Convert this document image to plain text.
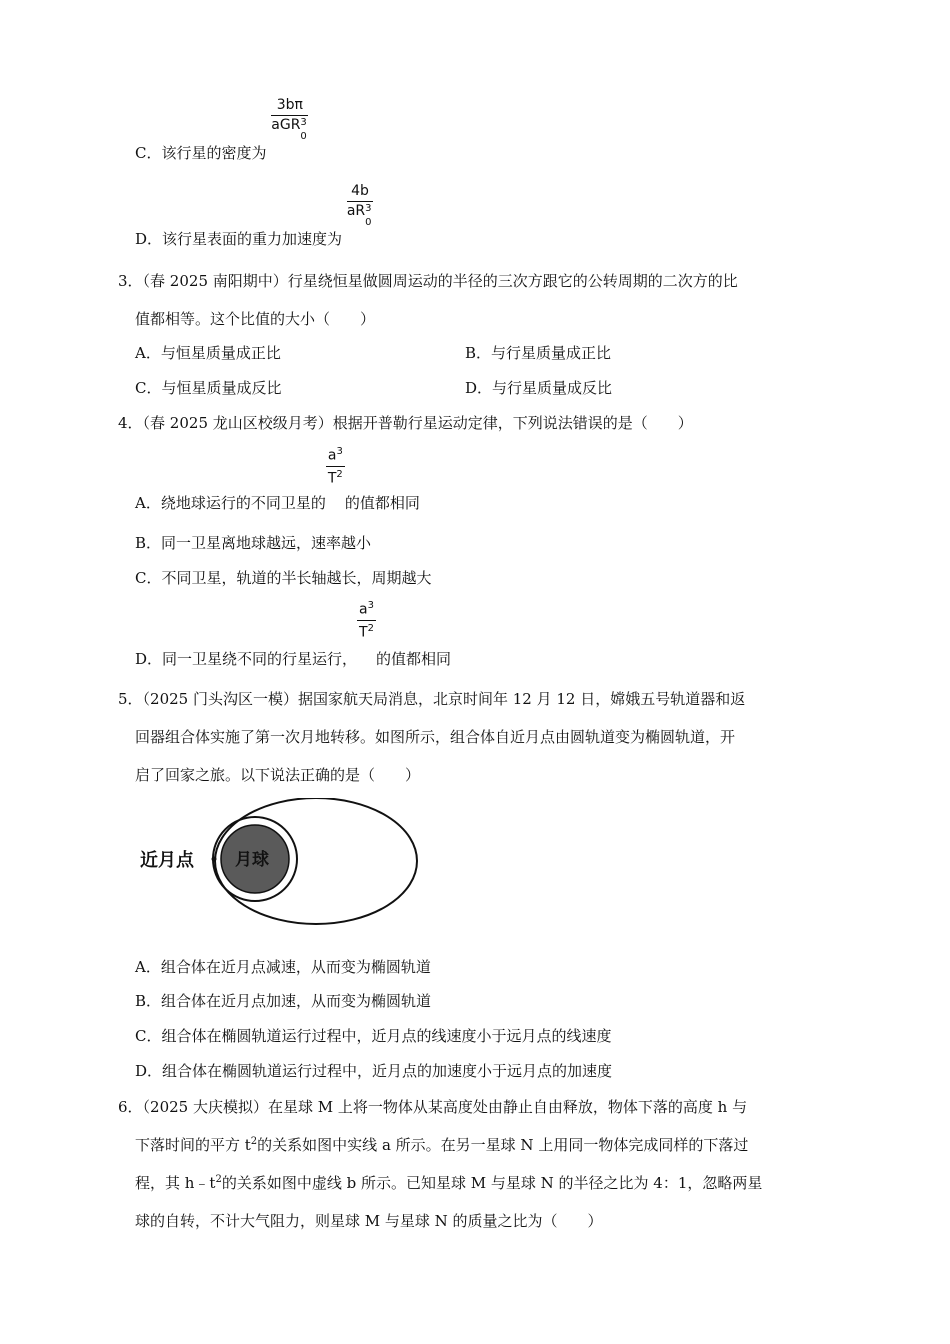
C．该行星的密度为
3bπ
aGR 3
0
D．该行星表面的重力加速度为
4b
aR 3
0
3．（春 2025 南阳期中）行星绕恒星做圆周运动的半径的三次方跟它的公转周期的二次方的比
值都相等。这个比值的大小（　　）
A．与恒星质量成正比	B．与行星质量成正比
C．与恒星质量成反比	D．与行星质量成反比
4．（春 2025 龙山区校级月考）根据开普勒行星运动定律，下列说法错误的是（　　）
A．绕地球运行的不同卫星的
$\frac{a^3}{T^2}$
的值都相同
B．同一卫星离地球越远，速率越小
C．不同卫星，轨道的半长轴越长，周期越大
D．同一卫星绕不同的行星运行，
$\frac{a^3}{T^2}$
的值都相同
5．（2025 门头沟区一模）据国家航天局消息，北京时间年 12 月 12 日，嫦娥五号轨道器和返
回器组合体实施了第一次月地转移。如图所示，组合体自近月点由圆轨道变为椭圆轨道，开
启了回家之旅。以下说法正确的是（　　）
近月点 月球
A．组合体在近月点减速，从而变为椭圆轨道
B．组合体在近月点加速，从而变为椭圆轨道
C．组合体在椭圆轨道运行过程中，近月点的线速度小于远月点的线速度
D．组合体在椭圆轨道运行过程中，近月点的加速度小于远月点的加速度
6．（2025 大庆模拟）在星球 M 上将一物体从某高度处由静止自由释放，物体下落的高度 h 与
下落时间的平方 $t^2$的关系如图中实线 a 所示。在另一星球 N 上用同一物体完成同样的下落过
程，其 $h﹣t^2$的关系如图中虚线 b 所示。已知星球 M 与星球 N 的半径之比为 4：1，忽略两星
球的自转，不计大气阻力，则星球 M 与星球 N 的质量之比为（　　）
